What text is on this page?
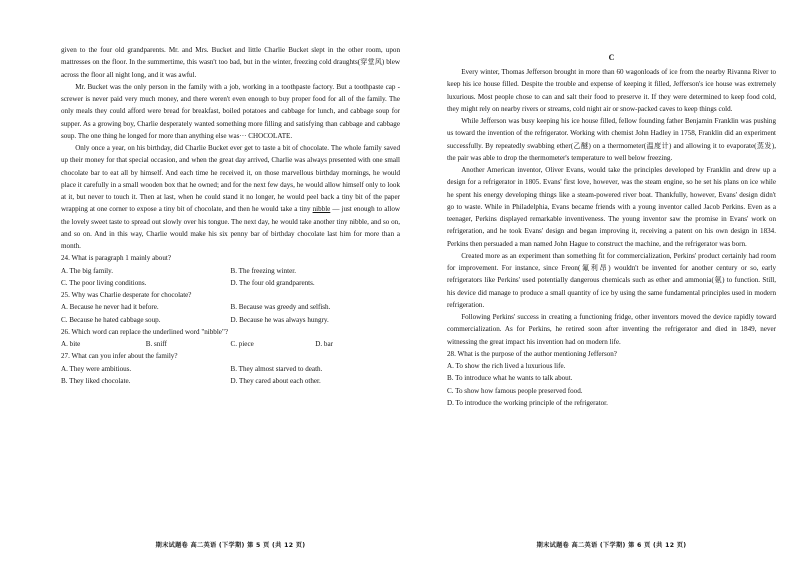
given to the four old grandparents. Mr. and Mrs. Bucket and little Charlie Bucket slept in the other room, upon mattresses on the floor. In the summertime, this wasn't too bad, but in the winter, freezing cold draughts(穿堂风) blew across the floor all night long, and it was awful.

Mr. Bucket was the only person in the family with a job, working in a toothpaste factory. But a toothpaste cap - screwer is never paid very much money, and there weren't even enough to buy proper food for all of the family. The only meals they could afford were bread for breakfast, boiled potatoes and cabbage for lunch, and cabbage soup for supper. As a growing boy, Charlie desperately wanted something more filling and satisfying than cabbage and cabbage soup. The one thing he longed for more than anything else was··· CHOCOLATE.

Only once a year, on his birthday, did Charlie Bucket ever get to taste a bit of chocolate. The whole family saved up their money for that special occasion, and when the great day arrived, Charlie was always presented with one small chocolate bar to eat all by himself. And each time he received it, on those marvellous birthday mornings, he would place it carefully in a small wooden box that he owned; and for the next few days, he would allow himself only to look at it, but never to touch it. Then at last, when he could stand it no longer, he would peel back a tiny bit of the paper wrapping at one corner to expose a tiny bit of chocolate, and then he would take a tiny nibble — just enough to allow the lovely sweet taste to spread out slowly over his tongue. The next day, he would take another tiny nibble, and so on, and so on. And in this way, Charlie would make his six penny bar of birthday chocolate last him for more than a month.

24. What is paragraph 1 mainly about?

A. The big family.	B. The freezing winter.
C. The poor living conditions.	D. The four old grandparents.

25. Why was Charlie desperate for chocolate?

A. Because he never had it before.	B. Because was greedy and selfish.
C. Because he hated cabbage soup.	D. Because he was always hungry.

26. Which word can replace the underlined word "nibble"?

A. bite	B. sniff	C. piece	D. bar

27. What can you infer about the family?

A. They were ambitious.	B. They almost starved to death.
B. They liked chocolate.	D. They cared about each other.
期末试题卷 高二英语 (下学期) 第 5 页 (共 12 页)
C

Every winter, Thomas Jefferson brought in more than 60 wagonloads of ice from the nearby Rivanna River to keep his ice house filled. Despite the trouble and expense of keeping it filled, Jefferson's ice house was extremely luxurious. Most people chose to can and salt their food to preserve it. If they were determined to keep food cold, they might rely on nearby rivers or streams, cold night air or snow-packed caves to keep things cold.

While Jefferson was busy keeping his ice house filled, fellow founding father Benjamin Franklin was pushing us toward the invention of the refrigerator. Working with chemist John Hadley in 1758, Franklin did an experiment successfully. By repeatedly swabbing ether(乙醚) on a thermometer(温度计) and allowing it to evaporate(蒸发), the pair was able to drop the thermometer's temperature to well below freezing.

Another American inventor, Oliver Evans, would take the principles developed by Franklin and drew up a design for a refrigerator in 1805. Evans' first love, however, was the steam engine, so he set his plans on ice while he spent his energy developing things like a steam-powered river boat. Thankfully, however, Evans' design didn't go to waste. While in Philadelphia, Evans became friends with a young inventor called Jacob Perkins. Even as a teenager, Perkins displayed remarkable inventiveness. The young inventor saw the promise in Evans' work on refrigeration, and he took Evans' design and began improving it, receiving a patent on his own design in 1834. Perkins then persuaded a man named John Hague to construct the machine, and the refrigerator was born.

Created more as an experiment than something fit for commercialization, Perkins' product certainly had room for improvement. For instance, since Freon(氟利昂) wouldn't be invented for another century or so, early refrigerators like Perkins' used potentially dangerous chemicals such as ether and ammonia(氨) to function. Still, his device did manage to produce a small quantity of ice by using the same fundamental principles used in modern refrigeration.

Following Perkins' success in creating a functioning fridge, other inventors moved the device rapidly toward commercialization. As for Perkins, he retired soon after inventing the refrigerator and died in 1849, never witnessing the great impact his invention had on modern life.

28. What is the purpose of the author mentioning Jefferson?

A. To show the rich lived a luxurious life.
B. To introduce what he wants to talk about.
C. To show how famous people preserved food.
D. To introduce the working principle of the refrigerator.
期末试题卷 高二英语 (下学期) 第 6 页 (共 12 页)
